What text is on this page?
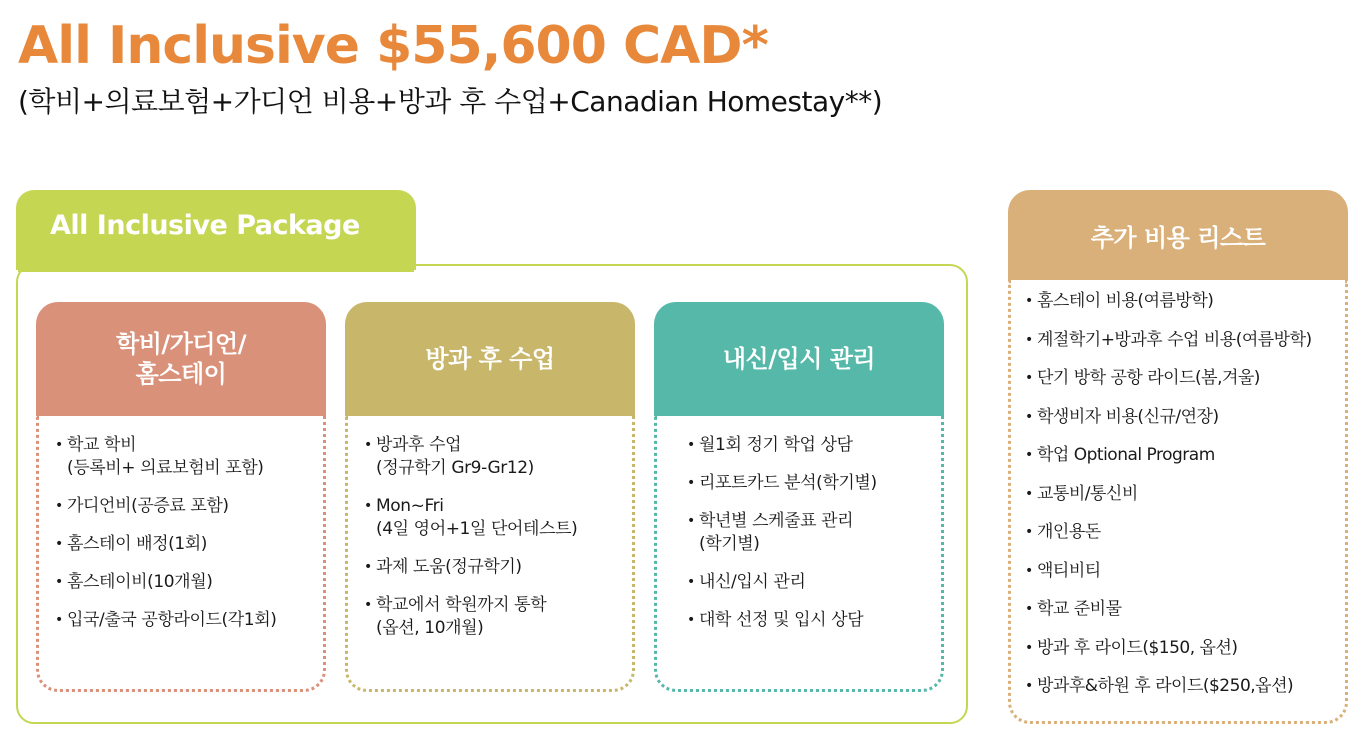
All Inclusive $55,600 CAD*
(학비+의료보험+가디언 비용+방과 후 수업+Canadian Homestay**)
All Inclusive Package
학비/가디언/
홈스테이
• 학교 학비
(등록비+ 의료보험비 포함)
• 가디언비(공증료 포함)
• 홈스테이 배정(1회)
• 홈스테이비(10개월)
• 입국/출국 공항라이드(각1회)
방과 후 수업
• 방과후 수업
(정규학기 Gr9-Gr12)
• Mon~Fri
(4일 영어+1일 단어테스트)
• 과제 도움(정규학기)
• 학교에서 학원까지 통학
(옵션, 10개월)
내신/입시 관리
• 월1회 정기 학업 상담
• 리포트카드 분석(학기별)
• 학년별 스케줄표 관리
(학기별)
• 내신/입시 관리
• 대학 선정 및 입시 상담
추가 비용 리스트
• 홈스테이 비용(여름방학)
• 계절학기+방과후 수업 비용(여름방학)
• 단기 방학 공항 라이드(봄,겨울)
• 학생비자 비용(신규/연장)
• 학업 Optional Program
• 교통비/통신비
• 개인용돈
• 액티비티
• 학교 준비물
• 방과 후 라이드($150, 옵션)
• 방과후&하원 후 라이드($250,옵션)
